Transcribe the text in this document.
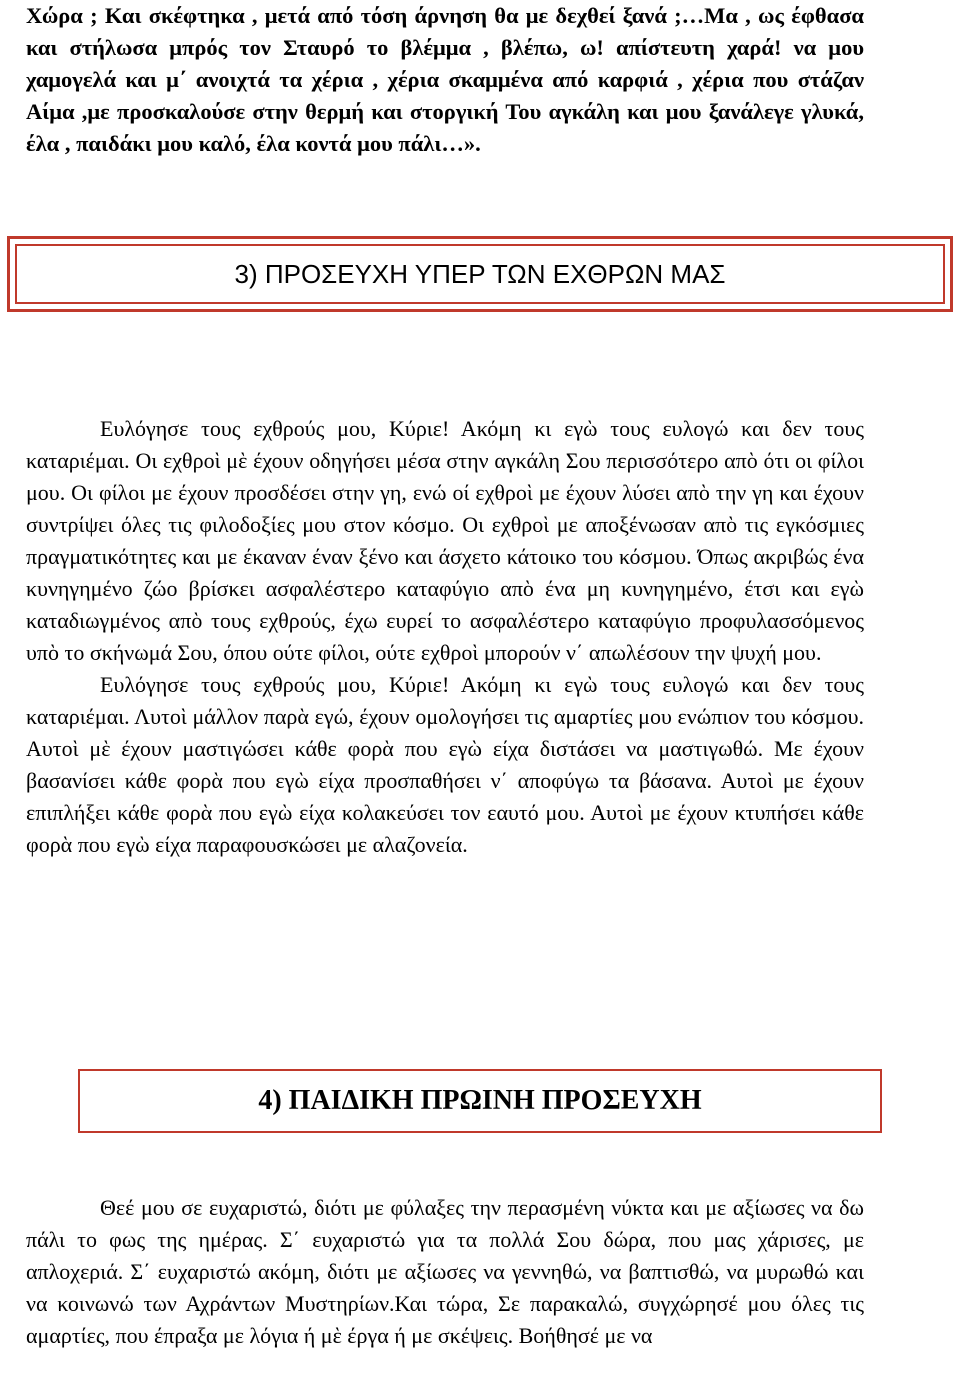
Χώρα ; Και σκέφτηκα , μετά από τόση άρνηση θα με δεχθεί ξανά ;…Μα , ως έφθασα και στήλωσα μπρός τον Σταυρό το βλέμμα , βλέπω, ω! απίστευτη χαρά! να μου χαμογελά και μ΄ ανοιχτά τα χέρια , χέρια σκαμμένα από καρφιά , χέρια που στάζαν Αίμα ,με προσκαλούσε στην θερμή και στοργική Του αγκάλη και μου ξανάλεγε γλυκά, έλα , παιδάκι μου καλό, έλα κοντά μου πάλι…».

3) ΠΡΟΣΕΥΧΗ ΥΠΕΡ ΤΩΝ ΕΧΘΡΩΝ ΜΑΣ

Ευλόγησε τους εχθρούς μου, Κύριε! Ακόμη κι εγὼ τους ευλογώ και δεν τους καταριέμαι. Οι εχθροὶ μὲ έχουν οδηγήσει μέσα στην αγκάλη Σου περισσότερο απὸ ότι οι φίλοι μου. Οι φίλοι με έχουν προσδέσει στην γη, ενώ οί εχθροὶ με έχουν λύσει απὸ την γη και έχουν συντρίψει όλες τις φιλοδοξίες μου στον κόσμο. Οι εχθροὶ με αποξένωσαν απὸ τις εγκόσμιες πραγματικότητες και με έκαναν έναν ξένο και άσχετο κάτοικο του κόσμου. Όπως ακριβώς ένα κυνηγημένο ζώο βρίσκει ασφαλέστερο καταφύγιο απὸ ένα μη κυνηγημένο, έτσι και εγὼ καταδιωγμένος απὸ τους εχθρούς, έχω ευρεί το ασφαλέστερο καταφύγιο προφυλασσόμενος υπὸ το σκήνωμά Σου, όπου ούτε φίλοι, ούτε εχθροὶ μπορούν ν΄ απωλέσουν την ψυχή μου.

Ευλόγησε τους εχθρούς μου, Κύριε! Ακόμη κι εγὼ τους ευλογώ και δεν τους καταριέμαι. Λυτοὶ μάλλον παρὰ εγώ, έχουν ομολογήσει τις αμαρτίες μου ενώπιον του κόσμου. Αυτοὶ μὲ έχουν μαστιγώσει κάθε φορὰ που εγὼ είχα διστάσει να μαστιγωθώ. Με έχουν βασανίσει κάθε φορὰ που εγὼ είχα προσπαθήσει ν΄ αποφύγω τα βάσανα. Αυτοὶ με έχουν επιπλήξει κάθε φορὰ που εγὼ είχα κολακεύσει τον εαυτό μου. Αυτοὶ με έχουν κτυπήσει κάθε φορὰ που εγὼ είχα παραφουσκώσει με αλαζονεία.

4) ΠΑΙΔΙΚΗ ΠΡΩΙΝΗ ΠΡΟΣΕΥΧΗ

Θεέ μου σε ευχαριστώ, διότι με φύλαξες την περασμένη νύκτα και με αξίωσες να δω πάλι το φως της ημέρας. Σ΄ ευχαριστώ για τα πολλά Σου δώρα, που μας χάρισες, με απλοχεριά. Σ΄ ευχαριστώ ακόμη, διότι με αξίωσες να γεννηθώ, να βαπτισθώ, να μυρωθώ και να κοινωνώ των Αχράντων Μυστηρίων.Και τώρα, Σε παρακαλώ, συγχώρησέ μου όλες τις αμαρτίες, που έπραξα με λόγια ή μὲ έργα ή με σκέψεις. Βοήθησέ με να
